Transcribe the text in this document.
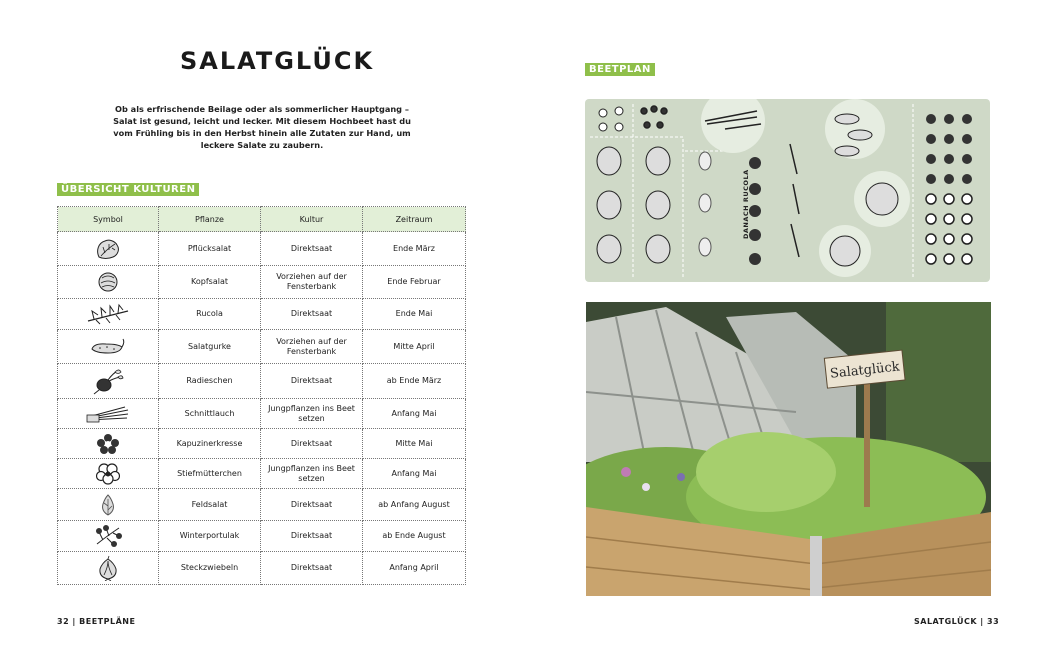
SALATGLÜCK
Ob als erfrischende Beilage oder als sommerlicher Hauptgang – Salat ist gesund, leicht und lecker. Mit diesem Hochbeet hast du vom Frühling bis in den Herbst hinein alle Zutaten zur Hand, um leckere Salate zu zaubern.
ÜBERSICHT KULTUREN
Symbol	Pflanze	Kultur	Zeitraum

	Pflücksalat	Direktsaat	Ende März

	Kopfsalat	Vorziehen auf der Fensterbank	Ende Februar

	Rucola	Direktsaat	Ende Mai

	Salatgurke	Vorziehen auf der Fensterbank	Mitte April

	Radieschen	Direktsaat	ab Ende März

	Schnittlauch	Jungpflanzen ins Beet setzen	Anfang Mai

	Kapuzinerkresse	Direktsaat	Mitte Mai

	Stiefmütterchen	Jungpflanzen ins Beet setzen	Anfang Mai

	Feldsalat	Direktsaat	ab Anfang August

	Winterportulak	Direktsaat	ab Ende August

	Steckzwiebeln	Direktsaat	Anfang April
32 | BEETPLÄNE
BEETPLAN
DANACH RUCOLA
Salatglück
SALATGLÜCK | 33
